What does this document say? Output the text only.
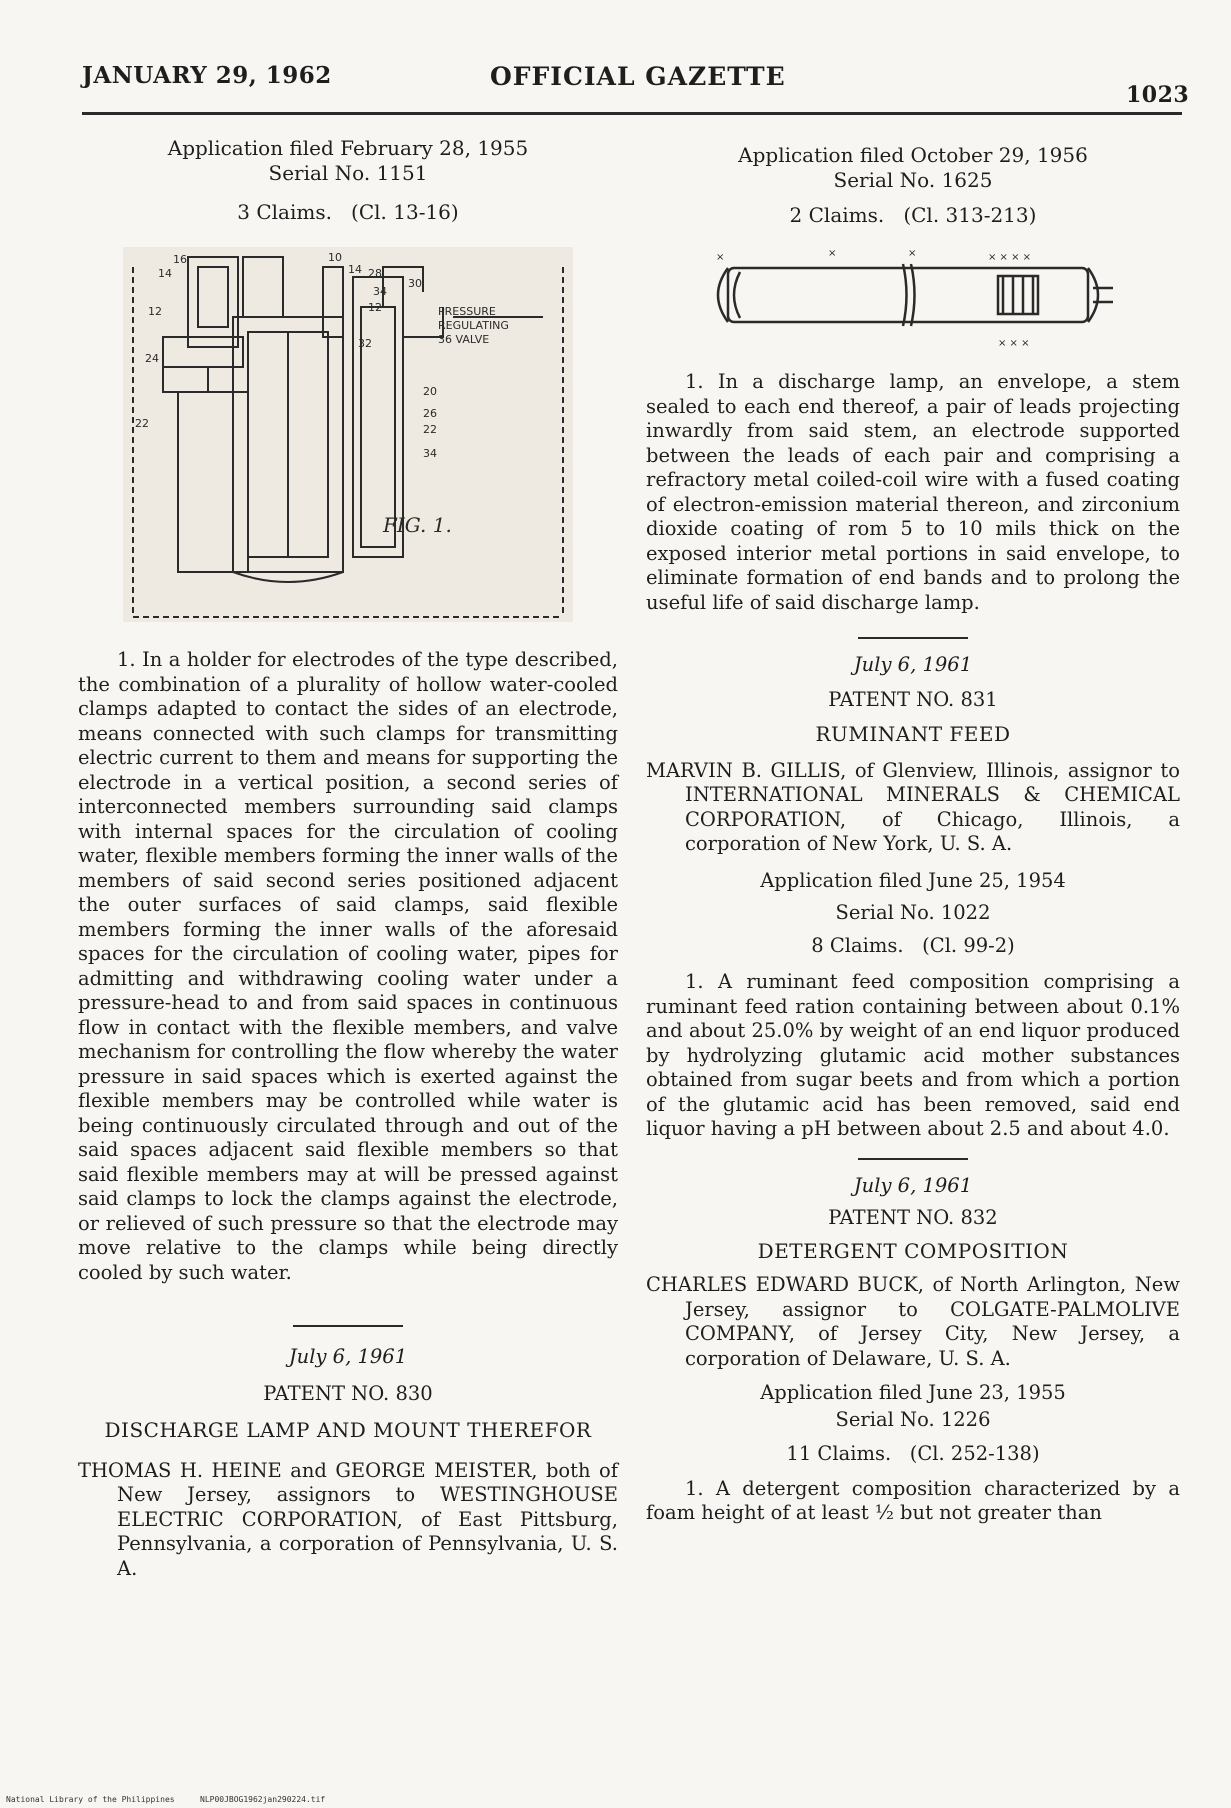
JANUARY 29, 1962	OFFICIAL GAZETTE
1023
Application filed February 28, 1955
Serial No. 1151
3 Claims. (Cl. 13-16)
PRESSURE
REGULATING
36 VALVE
16
14
12
24
22
10
14 28
30
34
12
32
20
26
22
34
FIG. 1.

1. In a holder for electrodes of the type described, the combination of a plurality of hollow water-cooled clamps adapted to contact the sides of an electrode, means connected with such clamps for transmitting electric current to them and means for supporting the electrode in a vertical position, a second series of interconnected members surrounding said clamps with internal spaces for the circulation of cooling water, flexible members forming the inner walls of the members of said second series positioned adjacent the outer surfaces of said clamps, said flexible members forming the inner walls of the aforesaid spaces for the circulation of cooling water, pipes for admitting and withdrawing cooling water under a pressure-head to and from said spaces in continuous flow in contact with the flexible members, and valve mechanism for controlling the flow whereby the water pressure in said spaces which is exerted against the flexible members may be controlled while water is being continuously circulated through and out of the said spaces adjacent said flexible members so that said flexible members may at will be pressed against said clamps to lock the clamps against the electrode, or relieved of such pressure so that the electrode may move relative to the clamps while being directly cooled by such water.

July 6, 1961
PATENT NO. 830
DISCHARGE LAMP AND MOUNT THEREFOR

THOMAS H. HEINE and GEORGE MEISTER, both of New Jersey, assignors to WESTINGHOUSE ELECTRIC CORPORATION, of East Pittsburg, Pennsylvania, a corporation of Pennsylvania, U. S. A.

Application filed October 29, 1956
Serial No. 1625
2 Claims. (Cl. 313-213)
×	×	×	× × × ×
× × ×

1. In a discharge lamp, an envelope, a stem sealed to each end thereof, a pair of leads projecting inwardly from said stem, an electrode supported between the leads of each pair and comprising a refractory metal coiled-coil wire with a fused coating of electron-emission material thereon, and zirconium dioxide coating of rom 5 to 10 mils thick on the exposed interior metal portions in said envelope, to eliminate formation of end bands and to prolong the useful life of said discharge lamp.

July 6, 1961
PATENT NO. 831
RUMINANT FEED

MARVIN B. GILLIS, of Glenview, Illinois, assignor to INTERNATIONAL MINERALS & CHEMICAL CORPORATION, of Chicago, Illinois, a corporation of New York, U. S. A.

Application filed June 25, 1954
Serial No. 1022
8 Claims. (Cl. 99-2)

1. A ruminant feed composition comprising a ruminant feed ration containing between about 0.1% and about 25.0% by weight of an end liquor produced by hydrolyzing glutamic acid mother substances obtained from sugar beets and from which a portion of the glutamic acid has been removed, said end liquor having a pH between about 2.5 and about 4.0.

July 6, 1961
PATENT NO. 832
DETERGENT COMPOSITION

CHARLES EDWARD BUCK, of North Arlington, New Jersey, assignor to COLGATE-PALMOLIVE COMPANY, of Jersey City, New Jersey, a corporation of Delaware, U. S. A.

Application filed June 23, 1955
Serial No. 1226
11 Claims. (Cl. 252-138)

1. A detergent composition characterized by a foam height of at least ½ but not greater than

National Library of the Philippines	NLP00JBOG1962jan290224.tif
